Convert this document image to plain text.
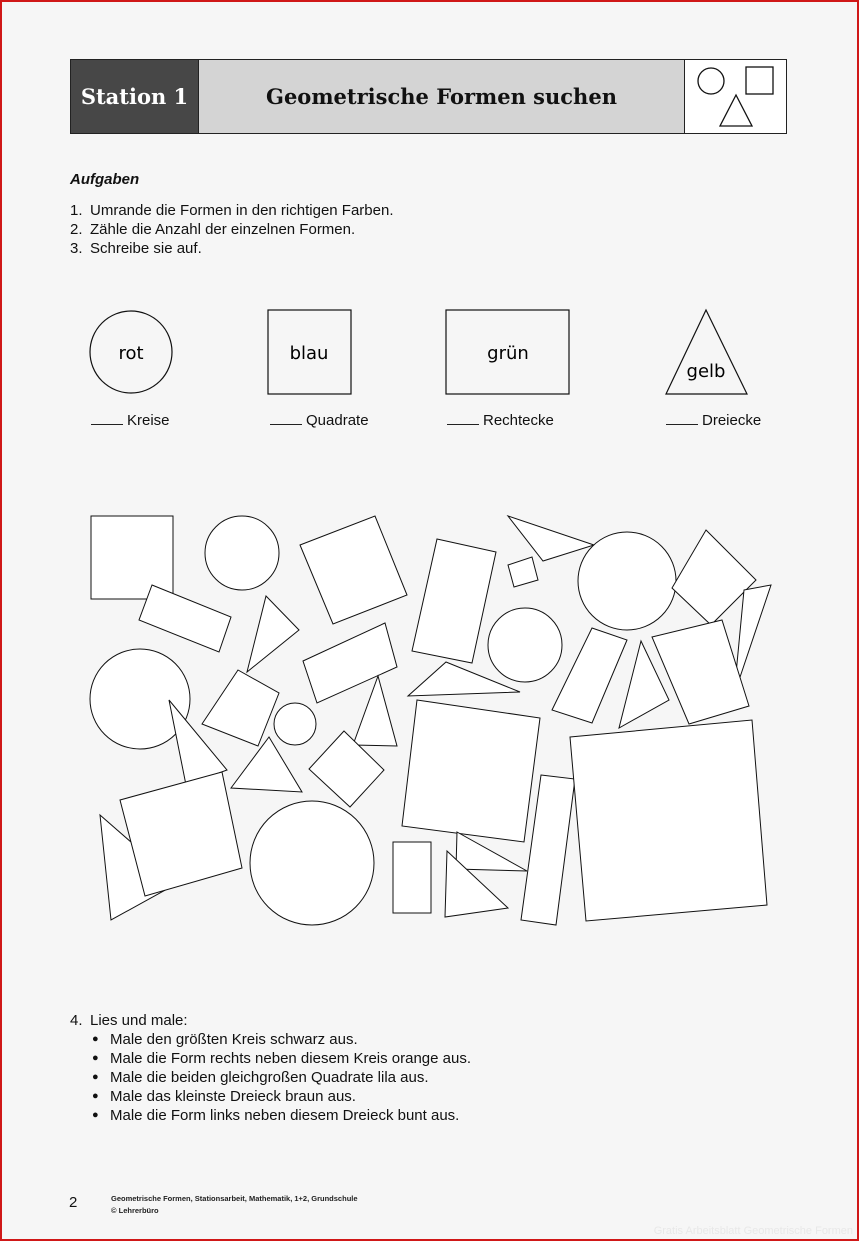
Station 1	Geometrische Formen suchen
Aufgaben
1. Umrande die Formen in den richtigen Farben.
2. Zähle die Anzahl der einzelnen Formen.
3. Schreibe sie auf.
rot	blau	grün
gelb
Kreise	Quadrate	Rechtecke	Dreiecke
4. Lies und male:
● Male den größten Kreis schwarz aus.
● Male die Form rechts neben diesem Kreis orange aus.
● Male die beiden gleichgroßen Quadrate lila aus.
● Male das kleinste Dreieck braun aus.
● Male die Form links neben diesem Dreieck bunt aus.
2	Geometrische Formen, Stationsarbeit, Mathematik, 1+2, Grundschule
© Lehrerbüro
Gratis Arbeitsblatt Geometrische Formen
